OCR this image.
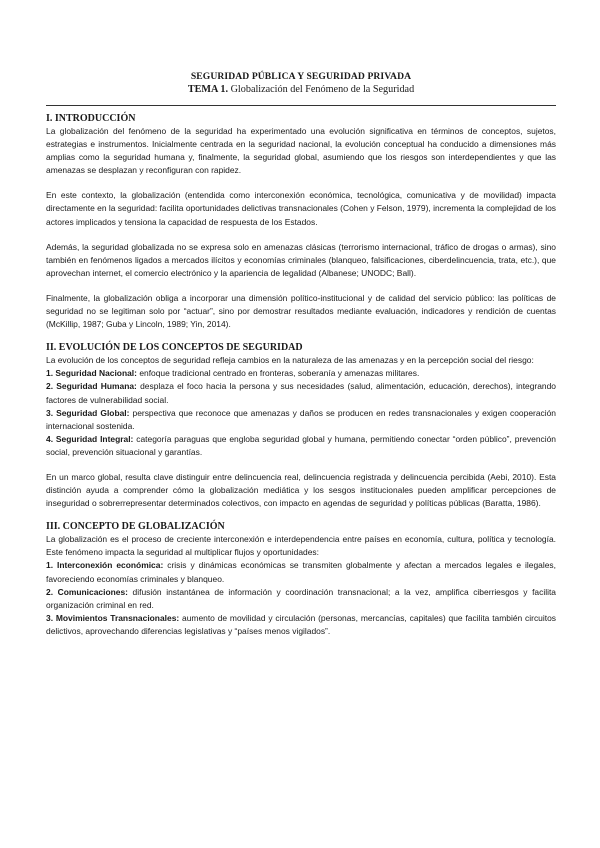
SEGURIDAD PÚBLICA Y SEGURIDAD PRIVADA
TEMA 1. Globalización del Fenómeno de la Seguridad
I. INTRODUCCIÓN

La globalización del fenómeno de la seguridad ha experimentado una evolución significativa en términos de conceptos, sujetos, estrategias e instrumentos. Inicialmente centrada en la seguridad nacional, la evolución conceptual ha conducido a dimensiones más amplias como la seguridad humana y, finalmente, la seguridad global, asumiendo que los riesgos son interdependientes y que las amenazas se desplazan y reconfiguran con rapidez.

En este contexto, la globalización (entendida como interconexión económica, tecnológica, comunicativa y de movilidad) impacta directamente en la seguridad: facilita oportunidades delictivas transnacionales (Cohen y Felson, 1979), incrementa la complejidad de los actores implicados y tensiona la capacidad de respuesta de los Estados.

Además, la seguridad globalizada no se expresa solo en amenazas clásicas (terrorismo internacional, tráfico de drogas o armas), sino también en fenómenos ligados a mercados ilícitos y economías criminales (blanqueo, falsificaciones, ciberdelincuencia, trata, etc.), que aprovechan internet, el comercio electrónico y la apariencia de legalidad (Albanese; UNODC; Ball).

Finalmente, la globalización obliga a incorporar una dimensión político-institucional y de calidad del servicio público: las políticas de seguridad no se legitiman solo por “actuar”, sino por demostrar resultados mediante evaluación, indicadores y rendición de cuentas (McKillip, 1987; Guba y Lincoln, 1989; Yin, 2014).

II. EVOLUCIÓN DE LOS CONCEPTOS DE SEGURIDAD

La evolución de los conceptos de seguridad refleja cambios en la naturaleza de las amenazas y en la percepción social del riesgo:

1. Seguridad Nacional: enfoque tradicional centrado en fronteras, soberanía y amenazas militares.
2. Seguridad Humana: desplaza el foco hacia la persona y sus necesidades (salud, alimentación, educación, derechos), integrando factores de vulnerabilidad social.
3. Seguridad Global: perspectiva que reconoce que amenazas y daños se producen en redes transnacionales y exigen cooperación internacional sostenida.
4. Seguridad Integral: categoría paraguas que engloba seguridad global y humana, permitiendo conectar “orden público”, prevención social, prevención situacional y garantías.

En un marco global, resulta clave distinguir entre delincuencia real, delincuencia registrada y delincuencia percibida (Aebi, 2010). Esta distinción ayuda a comprender cómo la globalización mediática y los sesgos institucionales pueden amplificar percepciones de inseguridad o sobrerrepresentar determinados colectivos, con impacto en agendas de seguridad y políticas públicas (Baratta, 1986).

III. CONCEPTO DE GLOBALIZACIÓN

La globalización es el proceso de creciente interconexión e interdependencia entre países en economía, cultura, política y tecnología. Este fenómeno impacta la seguridad al multiplicar flujos y oportunidades:

1. Interconexión económica: crisis y dinámicas económicas se transmiten globalmente y afectan a mercados legales e ilegales, favoreciendo economías criminales y blanqueo.
2. Comunicaciones: difusión instantánea de información y coordinación transnacional; a la vez, amplifica ciberriesgos y facilita organización criminal en red.
3. Movimientos Transnacionales: aumento de movilidad y circulación (personas, mercancías, capitales) que facilita también circuitos delictivos, aprovechando diferencias legislativas y “países menos vigilados”.
